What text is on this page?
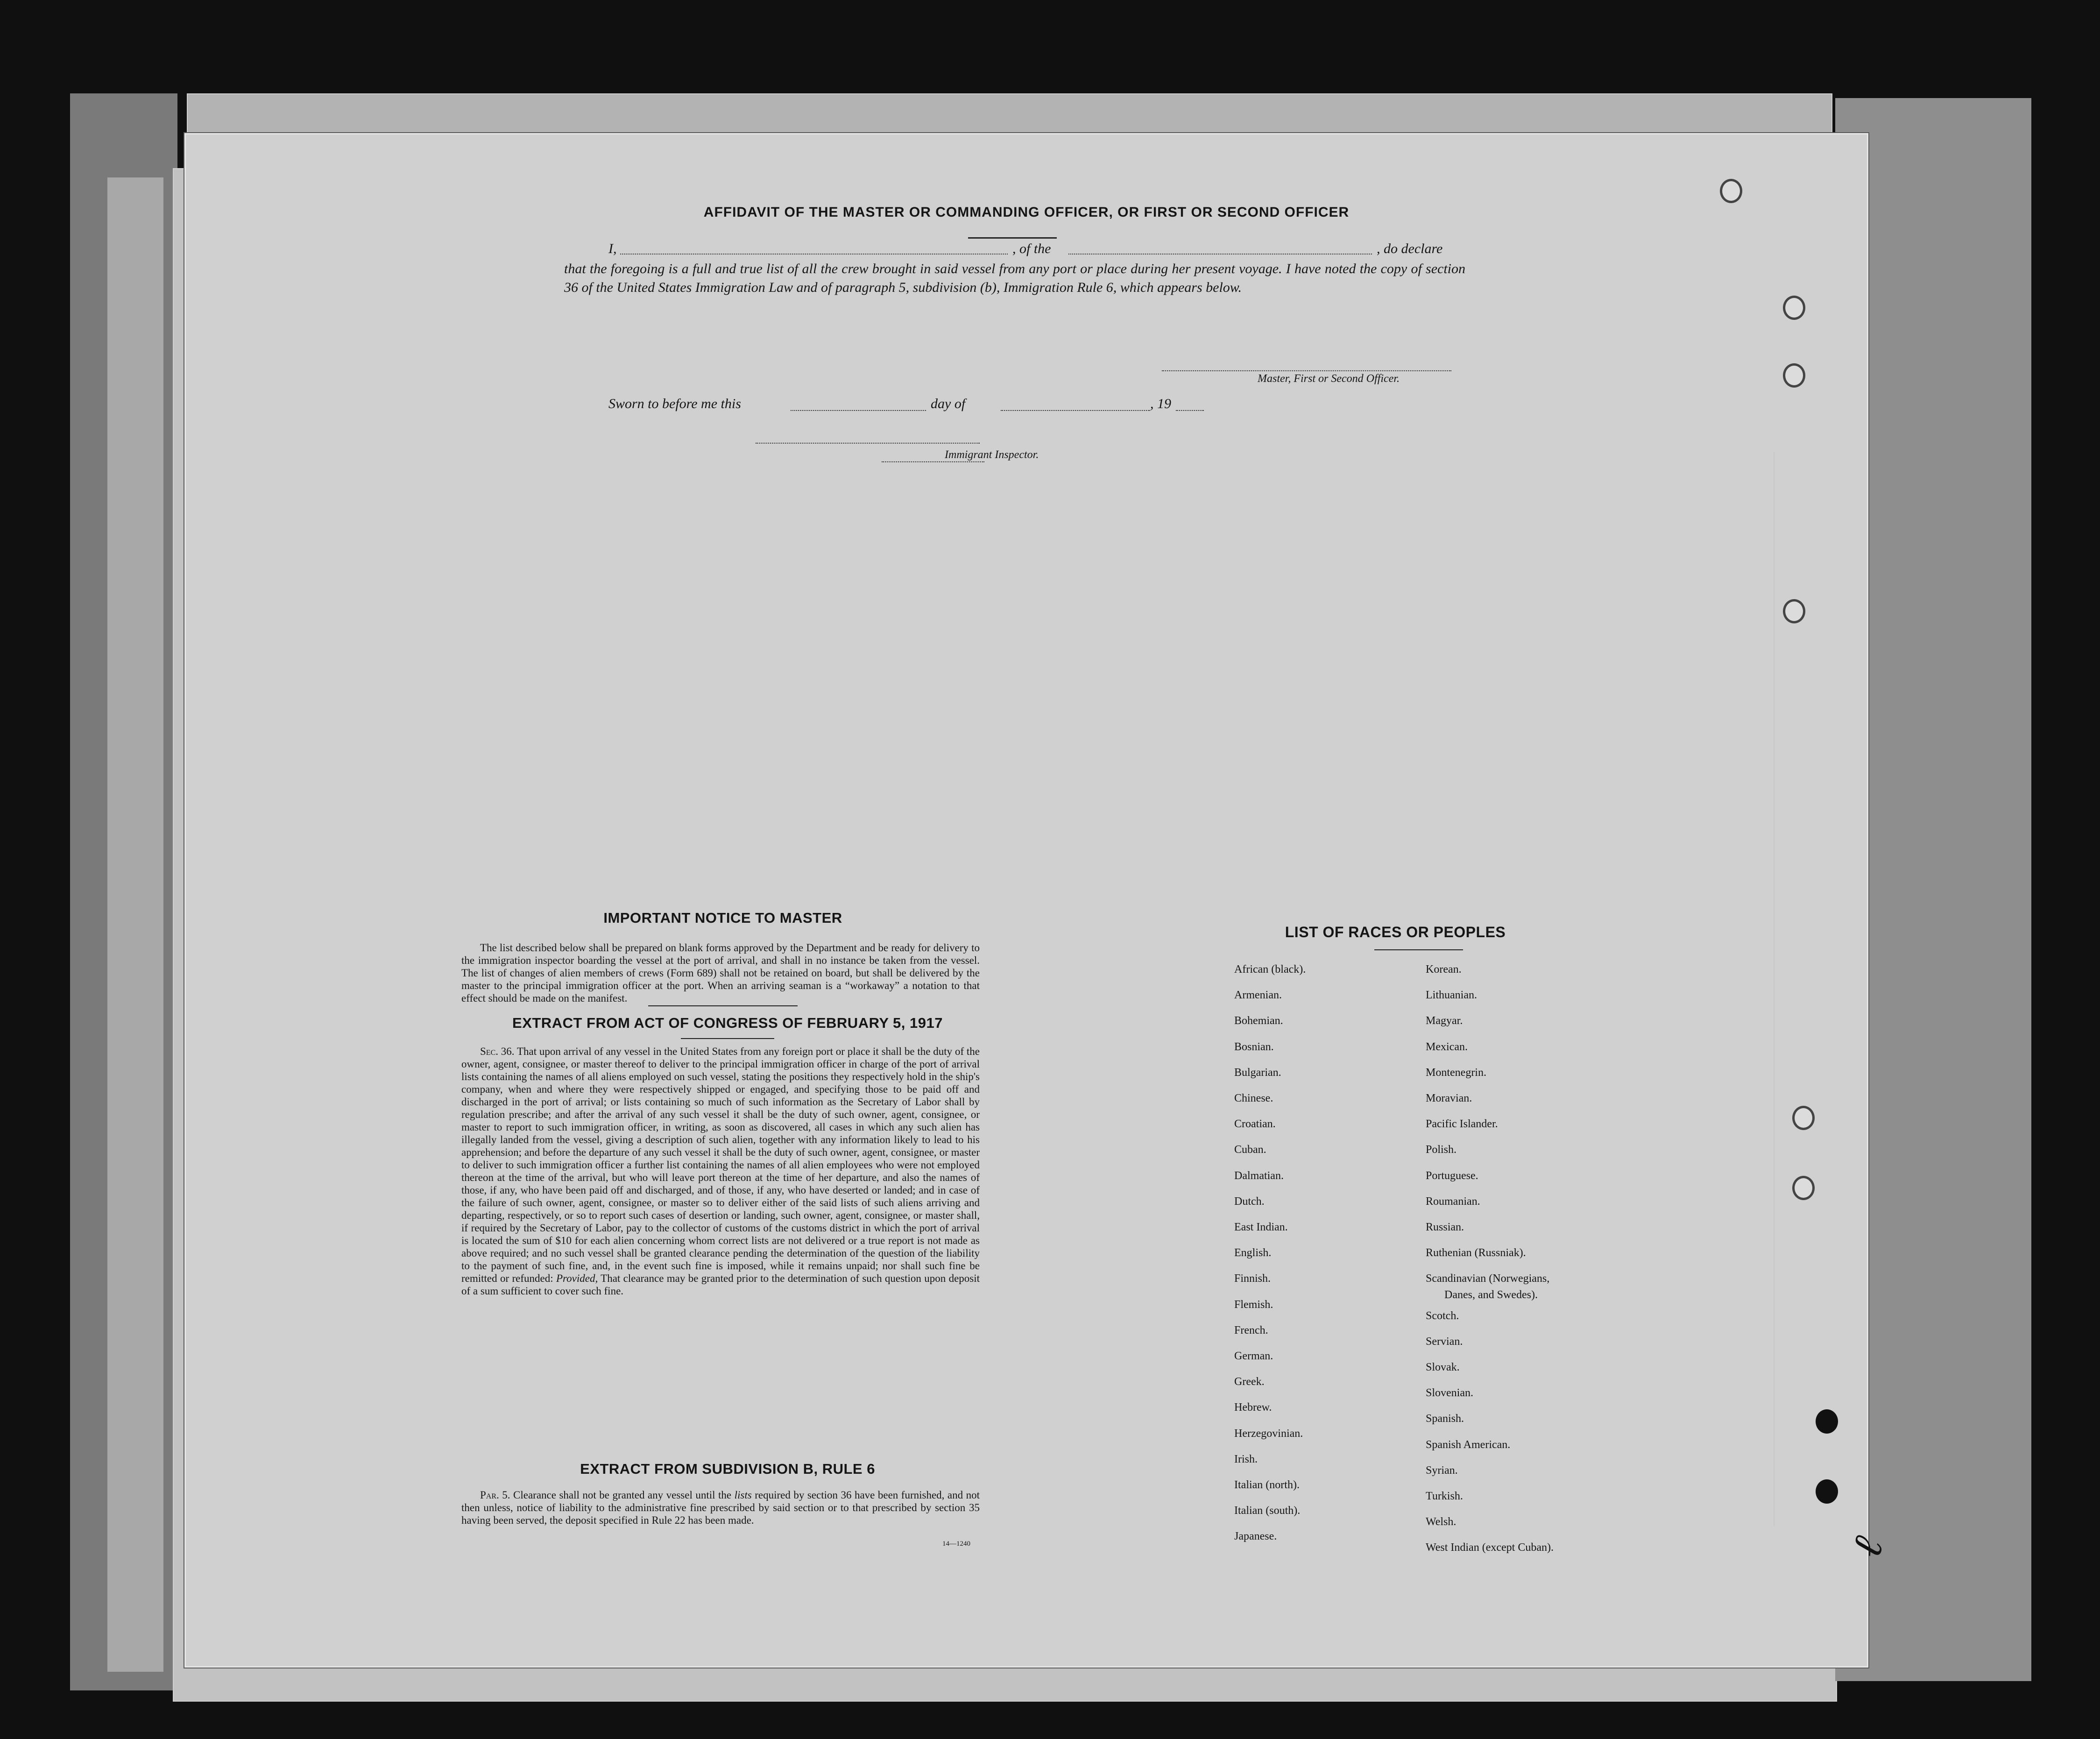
AFFIDAVIT OF THE MASTER OR COMMANDING OFFICER, OR FIRST OR SECOND OFFICER
I,	, of the	, do declare
that the foregoing is a full and true list of all the crew brought in said vessel from any port or place during her present voyage. I have noted the copy of section 36 of the United States Immigration Law and of paragraph 5, subdivision (b), Immigration Rule 6, which appears below.
Master, First or Second Officer.
Sworn to before me this	day of	, 19
Immigrant Inspector.
IMPORTANT NOTICE TO MASTER
The list described below shall be prepared on blank forms approved by the Department and be ready for delivery to the immigration inspector boarding the vessel at the port of arrival, and shall in no instance be taken from the vessel. The list of changes of alien members of crews (Form 689) shall not be retained on board, but shall be delivered by the master to the principal immigration officer at the port. When an arriving seaman is a “workaway” a notation to that effect should be made on the manifest.
EXTRACT FROM ACT OF CONGRESS OF FEBRUARY 5, 1917
Sec. 36. That upon arrival of any vessel in the United States from any foreign port or place it shall be the duty of the owner, agent, consignee, or master thereof to deliver to the principal immigration officer in charge of the port of arrival lists containing the names of all aliens employed on such vessel, stating the positions they respectively hold in the ship's company, when and where they were respectively shipped or engaged, and specifying those to be paid off and discharged in the port of arrival; or lists containing so much of such information as the Secretary of Labor shall by regulation prescribe; and after the arrival of any such vessel it shall be the duty of such owner, agent, consignee, or master to report to such immigration officer, in writing, as soon as discovered, all cases in which any such alien has illegally landed from the vessel, giving a description of such alien, together with any information likely to lead to his apprehension; and before the departure of any such vessel it shall be the duty of such owner, agent, consignee, or master to deliver to such immigration officer a further list containing the names of all alien employees who were not employed thereon at the time of the arrival, but who will leave port thereon at the time of her departure, and also the names of those, if any, who have been paid off and discharged, and of those, if any, who have deserted or landed; and in case of the failure of such owner, agent, consignee, or master so to deliver either of the said lists of such aliens arriving and departing, respectively, or so to report such cases of desertion or landing, such owner, agent, consignee, or master shall, if required by the Secretary of Labor, pay to the collector of customs of the customs district in which the port of arrival is located the sum of $10 for each alien concerning whom correct lists are not delivered or a true report is not made as above required; and no such vessel shall be granted clearance pending the determination of the question of the liability to the payment of such fine, and, in the event such fine is imposed, while it remains unpaid; nor shall such fine be remitted or refunded: Provided, That clearance may be granted prior to the determination of such question upon deposit of a sum sufficient to cover such fine.
EXTRACT FROM SUBDIVISION B, RULE 6
Par. 5. Clearance shall not be granted any vessel until the lists required by section 36 have been furnished, and not then unless, notice of liability to the administrative fine prescribed by said section or to that prescribed by section 35 having been served, the deposit specified in Rule 22 has been made.
14—1240
LIST OF RACES OR PEOPLES
African (black).
Armenian.
Bohemian.
Bosnian.
Bulgarian.
Chinese.
Croatian.
Cuban.
Dalmatian.
Dutch.
East Indian.
English.
Finnish.
Flemish.
French.
German.
Greek.
Hebrew.
Herzegovinian.
Irish.
Italian (north).
Italian (south).
Japanese.
Korean.
Lithuanian.
Magyar.
Mexican.
Montenegrin.
Moravian.
Pacific Islander.
Polish.
Portuguese.
Roumanian.
Russian.
Ruthenian (Russniak).
Scandinavian (Norwegians,
Scotch.
Servian.
Slovak.
Slovenian.
Spanish.
Spanish American.
Syrian.
Turkish.
Welsh.
West Indian (except Cuban).
Danes, and Swedes).
ℓ
